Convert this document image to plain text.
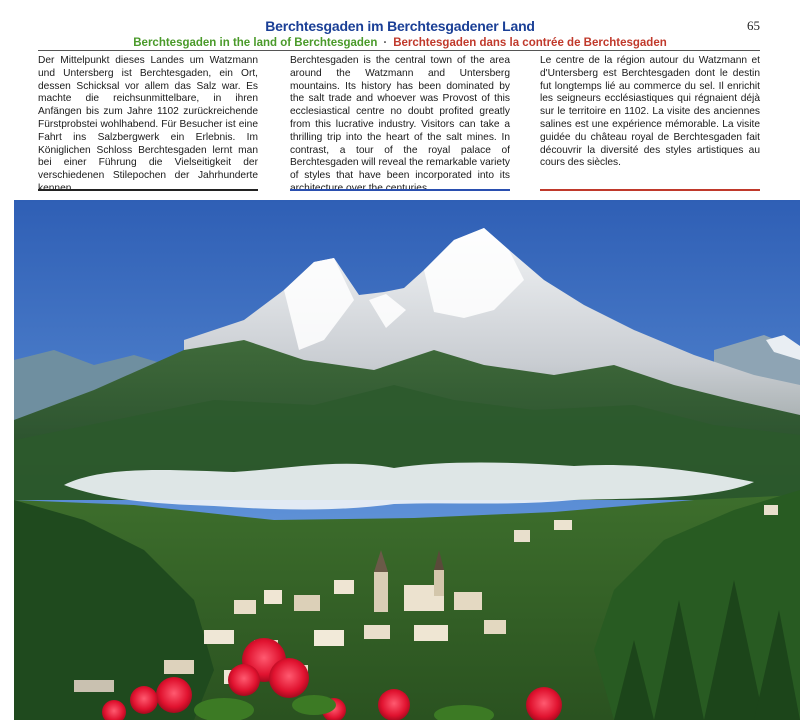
65
Berchtesgaden im Berchtesgadener Land
Berchtesgaden in the land of Berchtesgaden · Berchtesgaden dans la contrée de Berchtesgaden
Der Mittelpunkt dieses Landes um Watzmann und Untersberg ist Berchtesgaden, ein Ort, dessen Schicksal vor allem das Salz war. Es machte die reichsunmittelbare, in ihren Anfängen bis zum Jahre 1102 zurückreichende Fürstprobstei wohlhabend. Für Besucher ist eine Fahrt ins Salzbergwerk ein Erlebnis. Im Königlichen Schloss Berchtesgaden lernt man bei einer Führung die Vielseitigkeit der verschiedenen Stilepochen der Jahrhunderte
Berchtesgaden is the central town of the area around the Watzmann and Untersberg mountains. Its history has been dominated by the salt trade and whoever was Provost of this ecclesiastical centre no doubt profited greatly from this lucrative industry. Visitors can take a thrilling trip into the heart of the salt mines. In contrast, a tour of the royal palace of Berchtesgaden will reveal the remarkable variety of styles that have been incorporated into its
Le centre de la région autour du Watzmann et d'Untersberg est Berchtesgaden dont le destin fut longtemps lié au commerce du sel. Il enrichit les seigneurs ecclésiastiques qui régnaient déjà sur le territoire en 1102. La visite des anciennes salines est une expérience mémorable. La visite guidée du château royal de Berchtesgaden fait découvrir la diversité des styles artistiques au cours des siècles.
